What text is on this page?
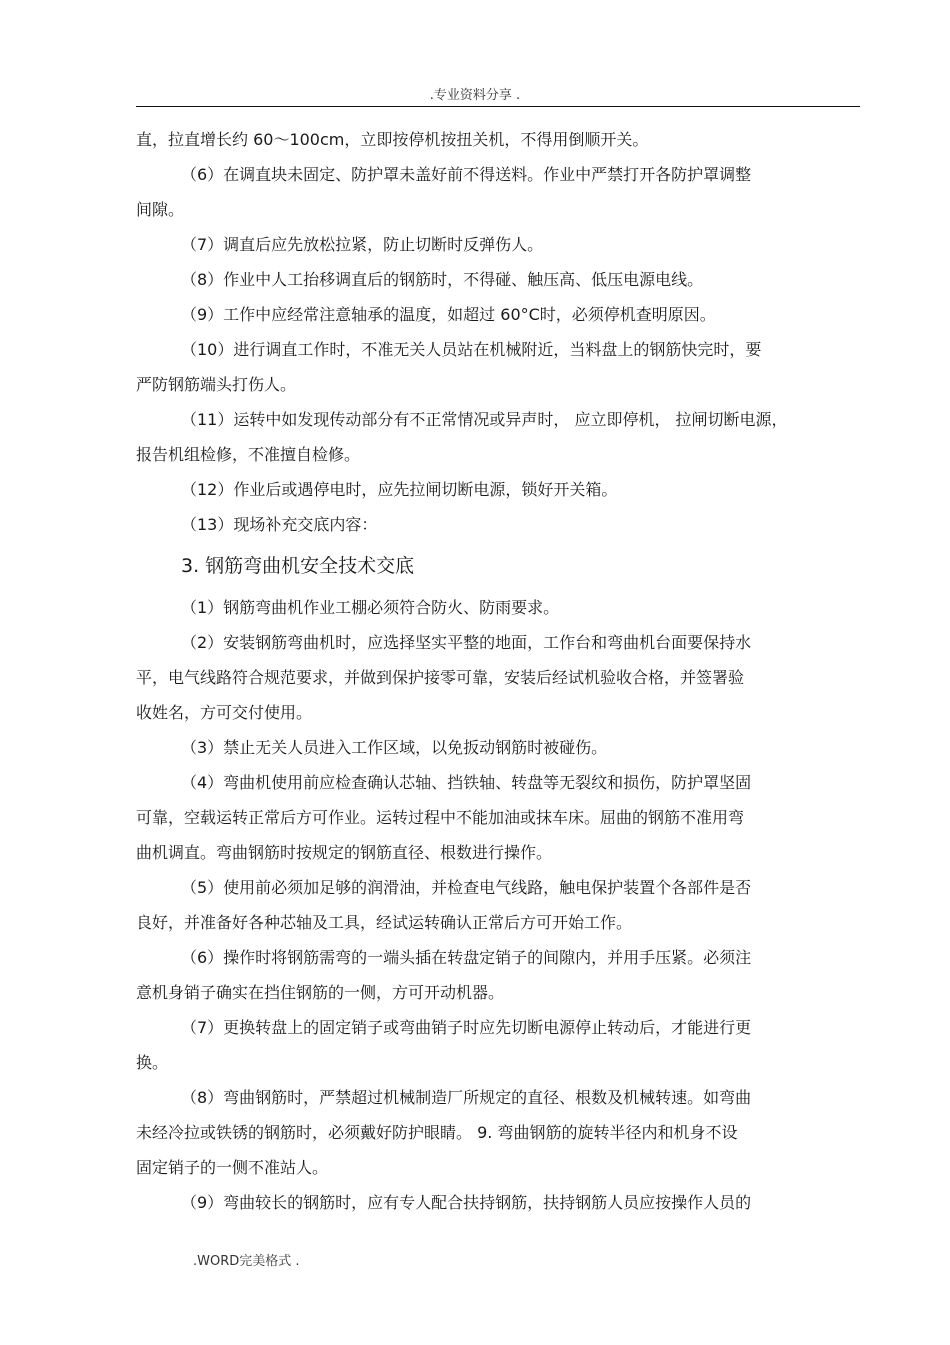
.专业资料分享 .

直，拉直增长约 60～100cm，立即按停机按扭关机，不得用倒顺开关。

（6）在调直块未固定、防护罩未盖好前不得送料。作业中严禁打开各防护罩调整

间隙。

（7）调直后应先放松拉紧，防止切断时反弹伤人。

（8）作业中人工抬移调直后的钢筋时，不得碰、触压高、低压电源电线。

（9）工作中应经常注意轴承的温度，如超过 60°C时，必须停机查明原因。

（10）进行调直工作时，不准无关人员站在机械附近，当料盘上的钢筋快完时，要

严防钢筋端头打伤人。

（11）运转中如发现传动部分有不正常情况或异声时， 应立即停机， 拉闸切断电源，

报告机组检修，不准擅自检修。

（12）作业后或遇停电时，应先拉闸切断电源，锁好开关箱。

（13）现场补充交底内容：

3. 钢筋弯曲机安全技术交底

（1）钢筋弯曲机作业工棚必须符合防火、防雨要求。

（2）安装钢筋弯曲机时，应选择坚实平整的地面，工作台和弯曲机台面要保持水

平，电气线路符合规范要求，并做到保护接零可靠，安装后经试机验收合格，并签署验

收姓名，方可交付使用。

（3）禁止无关人员进入工作区域，以免扳动钢筋时被碰伤。

（4）弯曲机使用前应检查确认芯轴、挡铁轴、转盘等无裂纹和损伤，防护罩坚固

可靠，空载运转正常后方可作业。运转过程中不能加油或抹车床。屈曲的钢筋不准用弯

曲机调直。弯曲钢筋时按规定的钢筋直径、根数进行操作。

（5）使用前必须加足够的润滑油，并检查电气线路，触电保护装置个各部件是否

良好，并准备好各种芯轴及工具，经试运转确认正常后方可开始工作。

（6）操作时将钢筋需弯的一端头插在转盘定销子的间隙内，并用手压紧。必须注

意机身销子确实在挡住钢筋的一侧，方可开动机器。

（7）更换转盘上的固定销子或弯曲销子时应先切断电源停止转动后，才能进行更

换。

（8）弯曲钢筋时，严禁超过机械制造厂所规定的直径、根数及机械转速。如弯曲

未经冷拉或铁锈的钢筋时，必须戴好防护眼睛。 9. 弯曲钢筋的旋转半径内和机身不设

固定销子的一侧不准站人。

（9）弯曲较长的钢筋时，应有专人配合扶持钢筋，扶持钢筋人员应按操作人员的

.WORD完美格式 .
